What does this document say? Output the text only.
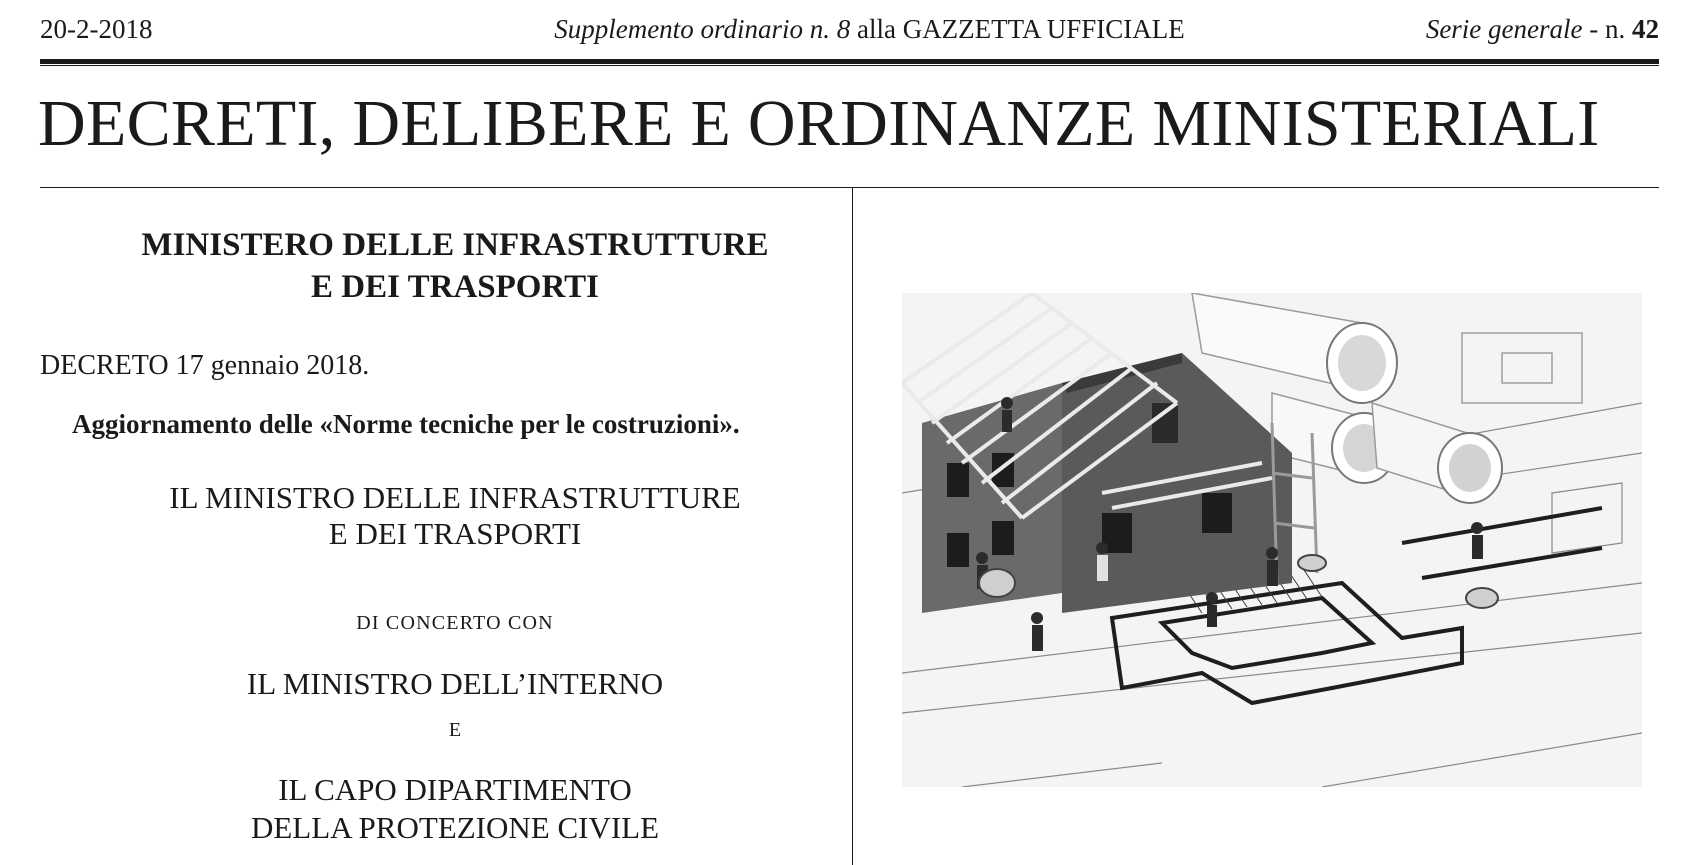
20-2-2018	Supplemento ordinario n. 8 alla GAZZETTA UFFICIALE	Serie generale - n. 42
DECRETI, DELIBERE E ORDINANZE MINISTERIALI
MINISTERO DELLE INFRASTRUTTURE
E DEI TRASPORTI
DECRETO 17 gennaio 2018.
Aggiornamento delle «Norme tecniche per le costruzioni».
IL MINISTRO DELLE INFRASTRUTTURE
E DEI TRASPORTI
DI CONCERTO CON
IL MINISTRO DELL’INTERNO
E
IL CAPO DIPARTIMENTO
DELLA PROTEZIONE CIVILE
